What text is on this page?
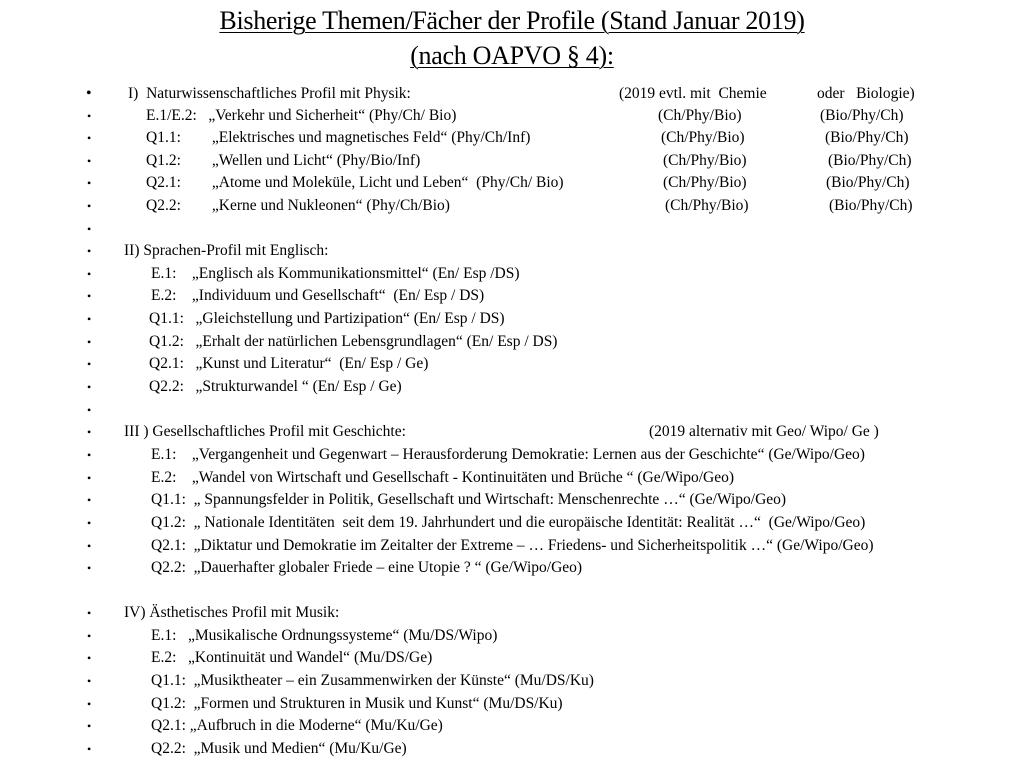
Bisherige Themen/Fächer der Profile (Stand Januar 2019)
(nach OAPVO § 4):
• I)  Naturwissenschaftliches Profil mit Physik:	(2019 evtl. mit  Chemie	oder   Biologie)
•	E.1/E.2:   „Verkehr und Sicherheit“ (Phy/Ch/ Bio)	(Ch/Phy/Bio)	(Bio/Phy/Ch)
•	Q1.1:        „Elektrisches und magnetisches Feld“ (Phy/Ch/Inf)	(Ch/Phy/Bio)	(Bio/Phy/Ch)
•	Q1.2:        „Wellen und Licht“ (Phy/Bio/Inf)	(Ch/Phy/Bio)	(Bio/Phy/Ch)
•	Q2.1:        „Atome und Moleküle, Licht und Leben“  (Phy/Ch/ Bio)	(Ch/Phy/Bio)	(Bio/Phy/Ch)
•	Q2.2:        „Kerne und Nukleonen“ (Phy/Ch/Bio)	(Ch/Phy/Bio)	(Bio/Phy/Ch)
•
• II) Sprachen-Profil mit Englisch:
•	E.1:    „Englisch als Kommunikationsmittel“ (En/ Esp /DS)
•	E.2:    „Individuum und Gesellschaft“  (En/ Esp / DS)
•	Q1.1:   „Gleichstellung und Partizipation“ (En/ Esp / DS)
•	Q1.2:   „Erhalt der natürlichen Lebensgrundlagen“ (En/ Esp / DS)
•	Q2.1:   „Kunst und Literatur“  (En/ Esp / Ge)
•	Q2.2:   „Strukturwandel “ (En/ Esp / Ge)
•
• III ) Gesellschaftliches Profil mit Geschichte:	(2019 alternativ mit Geo/ Wipo/ Ge )
•	E.1:    „Vergangenheit und Gegenwart – Herausforderung Demokratie: Lernen aus der Geschichte“ (Ge/Wipo/Geo)
•	E.2:    „Wandel von Wirtschaft und Gesellschaft - Kontinuitäten und Brüche “ (Ge/Wipo/Geo)
•	Q1.1:  „ Spannungsfelder in Politik, Gesellschaft und Wirtschaft: Menschenrechte …“ (Ge/Wipo/Geo)
•	Q1.2:  „ Nationale Identitäten  seit dem 19. Jahrhundert und die europäische Identität: Realität …“  (Ge/Wipo/Geo)
•	Q2.1:  „Diktatur und Demokratie im Zeitalter der Extreme – … Friedens- und Sicherheitspolitik …“ (Ge/Wipo/Geo)
•	Q2.2:  „Dauerhafter globaler Friede – eine Utopie ? “ (Ge/Wipo/Geo)
• IV) Ästhetisches Profil mit Musik:
•	E.1:   „Musikalische Ordnungssysteme“ (Mu/DS/Wipo)
•	E.2:   „Kontinuität und Wandel“ (Mu/DS/Ge)
•	Q1.1:  „Musiktheater – ein Zusammenwirken der Künste“ (Mu/DS/Ku)
•	Q1.2:  „Formen und Strukturen in Musik und Kunst“ (Mu/DS/Ku)
•	Q2.1: „Aufbruch in die Moderne“ (Mu/Ku/Ge)
•	Q2.2:  „Musik und Medien“ (Mu/Ku/Ge)
